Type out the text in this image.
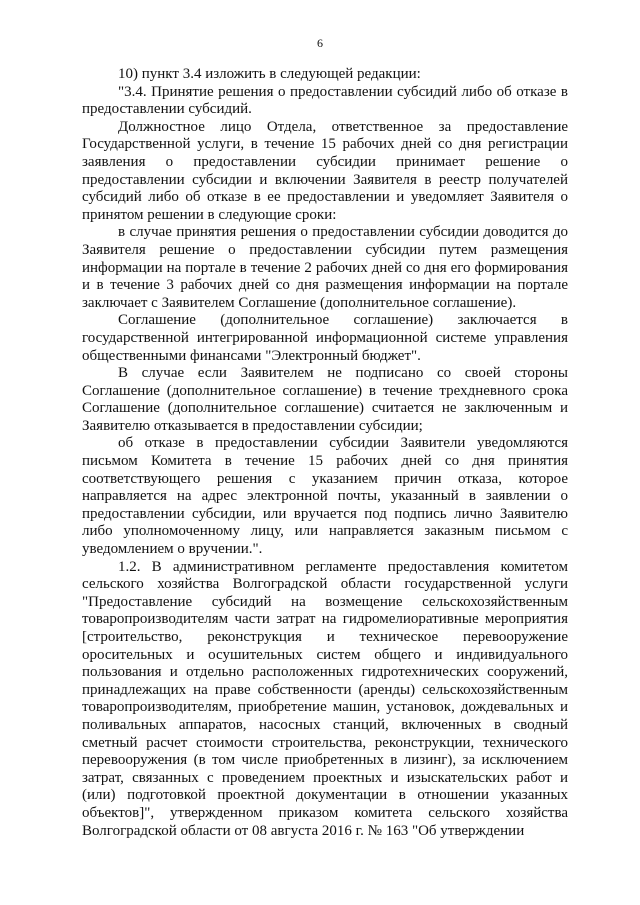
6

10) пункт 3.4 изложить в следующей редакции:

"3.4. Принятие решения о предоставлении субсидий либо об отказе в предоставлении субсидий.

Должностное лицо Отдела, ответственное за предоставление Государственной услуги, в течение 15 рабочих дней со дня регистрации заявления о предоставлении субсидии принимает решение о предоставлении субсидии и включении Заявителя в реестр получателей субсидий либо об отказе в ее предоставлении и уведомляет Заявителя о принятом решении в следующие сроки:

в случае принятия решения о предоставлении субсидии доводится до Заявителя решение о предоставлении субсидии путем размещения информации на портале в течение 2 рабочих дней со дня его формирования и в течение 3 рабочих дней со дня размещения информации на портале заключает с Заявителем Соглашение (дополнительное соглашение).

Соглашение (дополнительное соглашение) заключается в государственной интегрированной информационной системе управления общественными финансами "Электронный бюджет".

В случае если Заявителем не подписано со своей стороны Соглашение (дополнительное соглашение) в течение трехдневного срока Соглашение (дополнительное соглашение) считается не заключенным и Заявителю отказывается в предоставлении субсидии;

об отказе в предоставлении субсидии Заявители уведомляются письмом Комитета в течение 15 рабочих дней со дня принятия соответствующего решения с указанием причин отказа, которое направляется на адрес электронной почты, указанный в заявлении о предоставлении субсидии, или вручается под подпись лично Заявителю либо уполномоченному лицу, или направляется заказным письмом с уведомлением о вручении.".

1.2. В административном регламенте предоставления комитетом сельского хозяйства Волгоградской области государственной услуги "Предоставление субсидий на возмещение сельскохозяйственным товаропроизводителям части затрат на гидромелиоративные мероприятия [строительство, реконструкция и техническое перевооружение оросительных и осушительных систем общего и индивидуального пользования и отдельно расположенных гидротехнических сооружений, принадлежащих на праве собственности (аренды) сельскохозяйственным товаропроизводителям, приобретение машин, установок, дождевальных и поливальных аппаратов, насосных станций, включенных в сводный сметный расчет стоимости строительства, реконструкции, технического перевооружения (в том числе приобретенных в лизинг), за исключением затрат, связанных с проведением проектных и изыскательских работ и (или) подготовкой проектной документации в отношении указанных объектов]", утвержденном приказом комитета сельского хозяйства Волгоградской области от 08 августа 2016 г. № 163 "Об утверждении
